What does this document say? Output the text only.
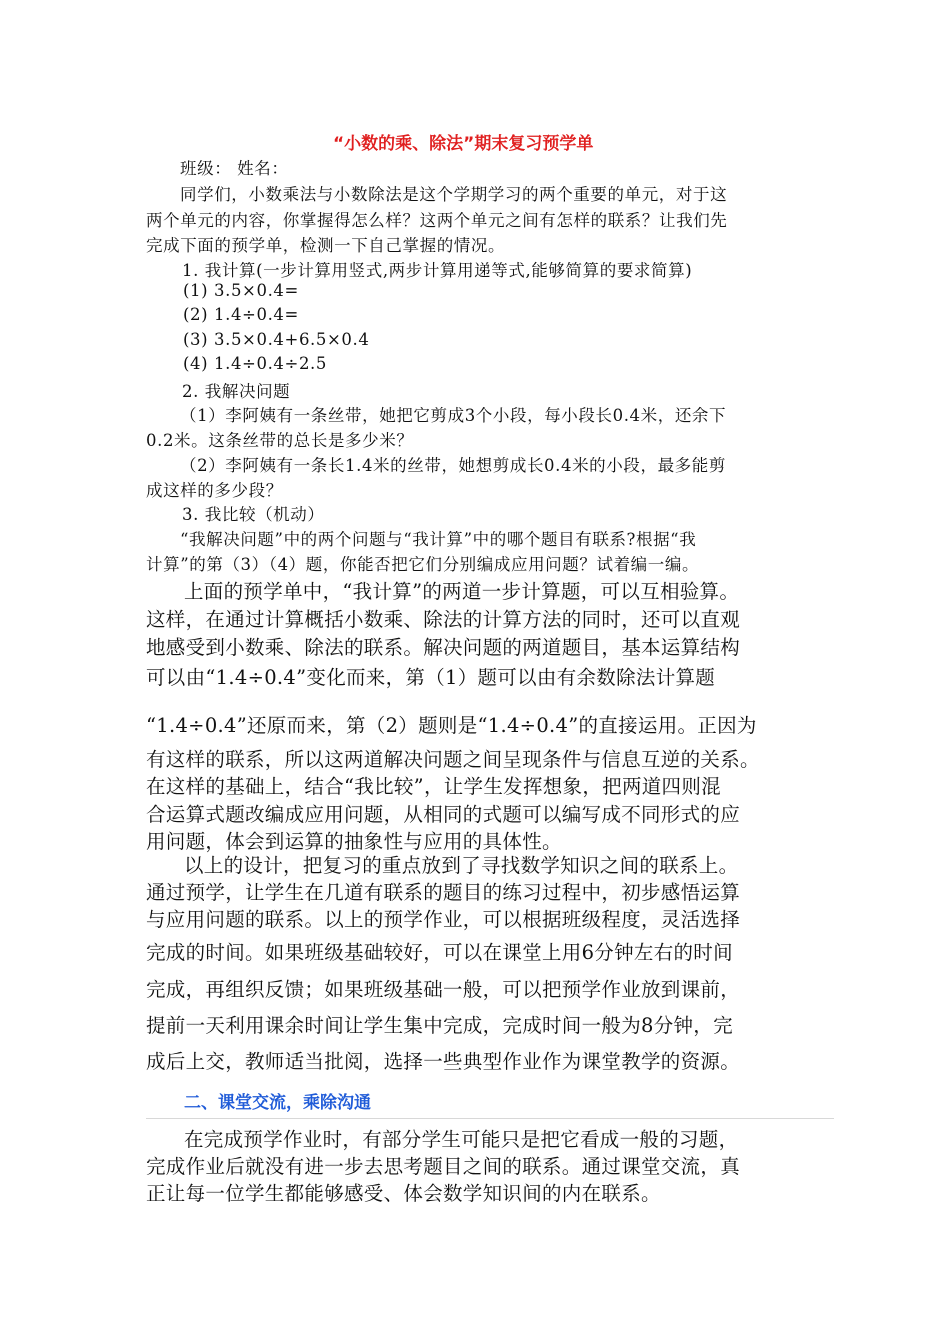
“小数的乘、除法”期末复习预学单

班级： 姓名：

同学们，小数乘法与小数除法是这个学期学习的两个重要的单元，对于这

两个单元的内容，你掌握得怎么样？这两个单元之间有怎样的联系？让我们先

完成下面的预学单，检测一下自己掌握的情况。

1. 我计算(一步计算用竖式,两步计算用递等式,能够简算的要求简算)

(1) 3.5×0.4=

(2) 1.4÷0.4=

(3) 3.5×0.4+6.5×0.4

(4) 1.4÷0.4÷2.5

2. 我解决问题

（1）李阿姨有一条丝带，她把它剪成3个小段，每小段长0.4米，还余下

0.2米。这条丝带的总长是多少米？

（2）李阿姨有一条长1.4米的丝带，她想剪成长0.4米的小段，最多能剪

成这样的多少段？

3. 我比较（机动）

“我解决问题”中的两个问题与“我计算”中的哪个题目有联系?根据“我

计算”的第（3）（4）题，你能否把它们分别编成应用问题？试着编一编。

上面的预学单中，“我计算”的两道一步计算题，可以互相验算。

这样，在通过计算概括小数乘、除法的计算方法的同时，还可以直观

地感受到小数乘、除法的联系。解决问题的两道题目，基本运算结构

可以由“1.4÷0.4”变化而来，第（1）题可以由有余数除法计算题

“1.4÷0.4”还原而来，第（2）题则是“1.4÷0.4”的直接运用。正因为

有这样的联系，所以这两道解决问题之间呈现条件与信息互逆的关系。

在这样的基础上，结合“我比较”，让学生发挥想象，把两道四则混

合运算式题改编成应用问题，从相同的式题可以编写成不同形式的应

用问题，体会到运算的抽象性与应用的具体性。

以上的设计，把复习的重点放到了寻找数学知识之间的联系上。

通过预学，让学生在几道有联系的题目的练习过程中，初步感悟运算

与应用问题的联系。以上的预学作业，可以根据班级程度，灵活选择

完成的时间。如果班级基础较好，可以在课堂上用6分钟左右的时间

完成，再组织反馈；如果班级基础一般，可以把预学作业放到课前，

提前一天利用课余时间让学生集中完成，完成时间一般为8分钟，完

成后上交，教师适当批阅，选择一些典型作业作为课堂教学的资源。

二、课堂交流，乘除沟通

在完成预学作业时，有部分学生可能只是把它看成一般的习题，

完成作业后就没有进一步去思考题目之间的联系。通过课堂交流，真

正让每一位学生都能够感受、体会数学知识间的内在联系。
